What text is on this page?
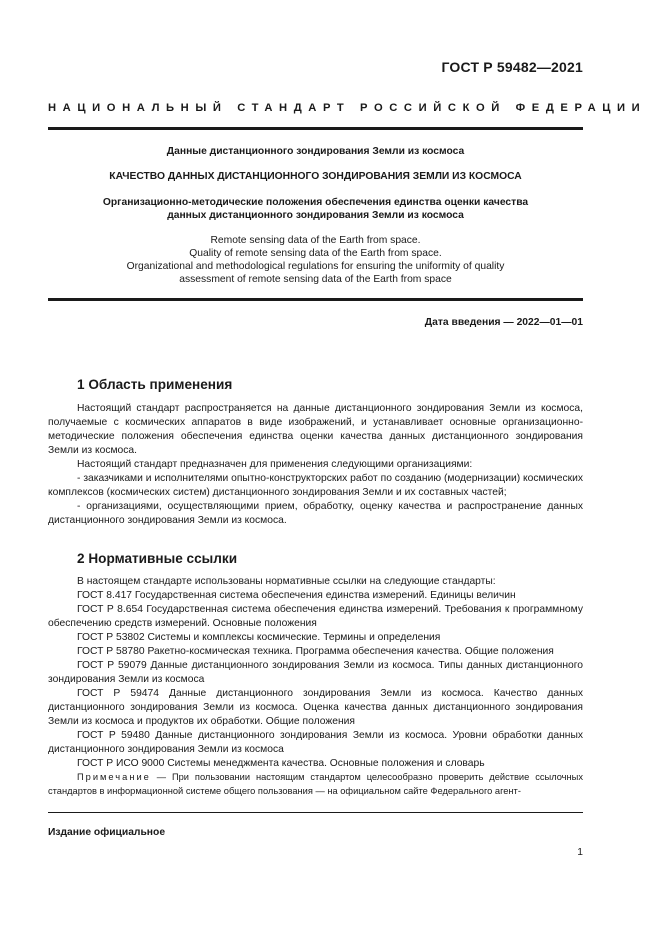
ГОСТ Р 59482—2021
НАЦИОНАЛЬНЫЙ СТАНДАРТ РОССИЙСКОЙ ФЕДЕРАЦИИ
Данные дистанционного зондирования Земли из космоса
КАЧЕСТВО ДАННЫХ ДИСТАНЦИОННОГО ЗОНДИРОВАНИЯ ЗЕМЛИ ИЗ КОСМОСА
Организационно-методические положения обеспечения единства оценки качества
данных дистанционного зондирования Земли из космоса
Remote sensing data of the Earth from space.
Quality of remote sensing data of the Earth from space.
Organizational and methodological regulations for ensuring the uniformity of quality
assessment of remote sensing data of the Earth from space
Дата введения — 2022—01—01
1 Область применения

Настоящий стандарт распространяется на данные дистанционного зондирования Земли из космоса, получаемые с космических аппаратов в виде изображений, и устанавливает основные организационно-методические положения обеспечения единства оценки качества данных дистанционного зондирования Земли из космоса.

Настоящий стандарт предназначен для применения следующими организациями:

- заказчиками и исполнителями опытно-конструкторских работ по созданию (модернизации) космических комплексов (космических систем) дистанционного зондирования Земли и их составных частей;

- организациями, осуществляющими прием, обработку, оценку качества и распространение данных дистанционного зондирования Земли из космоса.

2 Нормативные ссылки

В настоящем стандарте использованы нормативные ссылки на следующие стандарты:

ГОСТ 8.417 Государственная система обеспечения единства измерений. Единицы величин

ГОСТ Р 8.654 Государственная система обеспечения единства измерений. Требования к программному обеспечению средств измерений. Основные положения

ГОСТ Р 53802 Системы и комплексы космические. Термины и определения

ГОСТ Р 58780 Ракетно-космическая техника. Программа обеспечения качества. Общие положения

ГОСТ Р 59079 Данные дистанционного зондирования Земли из космоса. Типы данных дистанционного зондирования Земли из космоса

ГОСТ Р 59474 Данные дистанционного зондирования Земли из космоса. Качество данных дистанционного зондирования Земли из космоса. Оценка качества данных дистанционного зондирования Земли из космоса и продуктов их обработки. Общие положения

ГОСТ Р 59480 Данные дистанционного зондирования Земли из космоса. Уровни обработки данных дистанционного зондирования Земли из космоса

ГОСТ Р ИСО 9000 Системы менеджмента качества. Основные положения и словарь

Примечание — При пользовании настоящим стандартом целесообразно проверить действие ссылочных стандартов в информационной системе общего пользования — на официальном сайте Федерального агент-

Издание официальное
1
